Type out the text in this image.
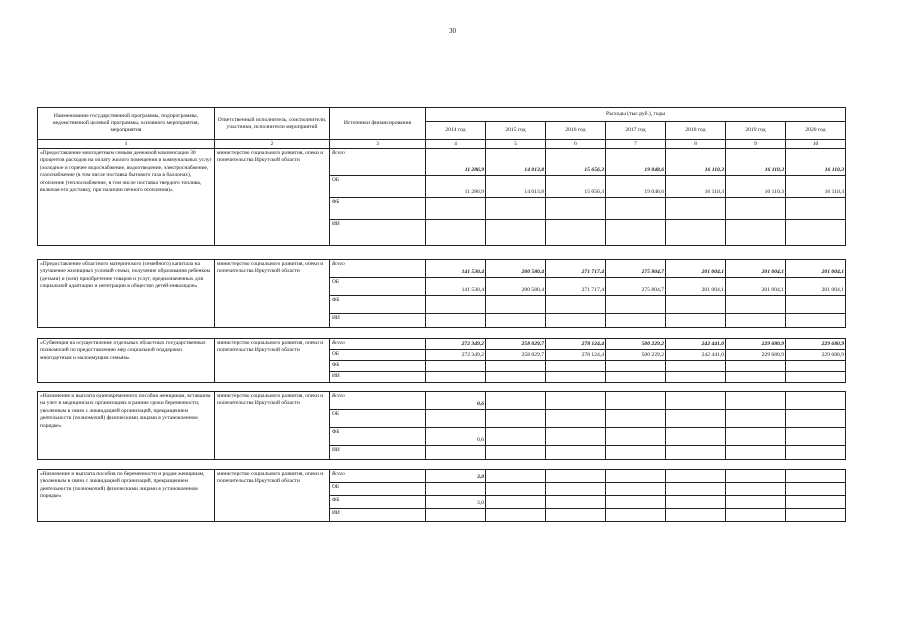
30
Наименование государственной программы, подпрограммы, ведомственной целевой программы, основного мероприятия, мероприятия	Ответственный исполнитель, соисполнители, участники, исполнители мероприятий	Источники финансирования	Расходы (тыс.руб.), годы						
			2014 год	2015 год	2016 год	2017 год	2018 год	2019 год	2020 год
1	2	3	4	5	6	7	8	9	10
«Предоставление многодетным семьям денежной компенсации 30 процентов расходов на оплату жилого помещения и коммунальных услуг (холодное и горячее водоснабжение, водоотведение, электроснабжение, газоснабжение (в том числе поставка бытового газа в баллонах), отопление (теплоснабжение, в том числе поставка твердого топлива, включая его доставку, при наличии печного отопления)»	министерство социального развития, опеки и попечительства Иркутской области	Всего	11 286,9	14 013,8	15 656,3	19 048,6	16 110,3	16 110,3	16 110,3
		ОБ	11 286,9	14 013,8	15 656,3	19 048,6	16 110,3	16 110,3	16 110,3
		ФБ							
		ИИ							

«Предоставление областного материнского (семейного) капитала на улучшение жилищных условий семьи, получение образования ребенком (детьми) и (или) приобретение товаров и услуг, предназначенных для социальной адаптации и интеграции в общество детей-инвалидов»	министерство социального развития, опеки и попечительства Иркутской области	Всего	141 530,4	200 580,4	271 717,4	275 804,7	201 004,1	201 004,1	201 004,1
		ОБ	141 530,4	200 580,4	271 717,4	275 804,7	201 004,1	201 004,1	201 004,1
		ФБ							
		ИИ							

«Субвенция на осуществление отдельных областных государственных полномочий по предоставлению мер социальной поддержки многодетным и малоимущим семьям»	министерство социального развития, опеки и попечительства Иркутской области	Всего	272 349,2	258 029,7	278 124,4	500 229,2	242 441,0	229 680,9	229 680,9
		ОБ	272 349,2	258 029,7	278 124,4	500 229,2	242 441,0	229 680,9	229 680,9
		ФБ							
		ИИ							

«Назначение и выплата единовременного пособия женщинам, вставшим на учет в медицинских организациях в ранние сроки беременности, уволенным в связи с ликвидацией организаций, прекращением деятельности (полномочий) физическими лицами в установленном порядке»	министерство социального развития, опеки и попечительства Иркутской области	Всего	0,6						
		ОБ							
		ФБ	0,6						
		ИИ							

«Назначение и выплата пособия по беременности и родам женщинам, уволенным в связи с ликвидацией организаций, прекращением деятельности (полномочий) физическими лицами в установленном порядке»	министерство социального развития, опеки и попечительства Иркутской области	Всего	3,0						
		ОБ							
		ФБ	3,0						
		ИИ							
